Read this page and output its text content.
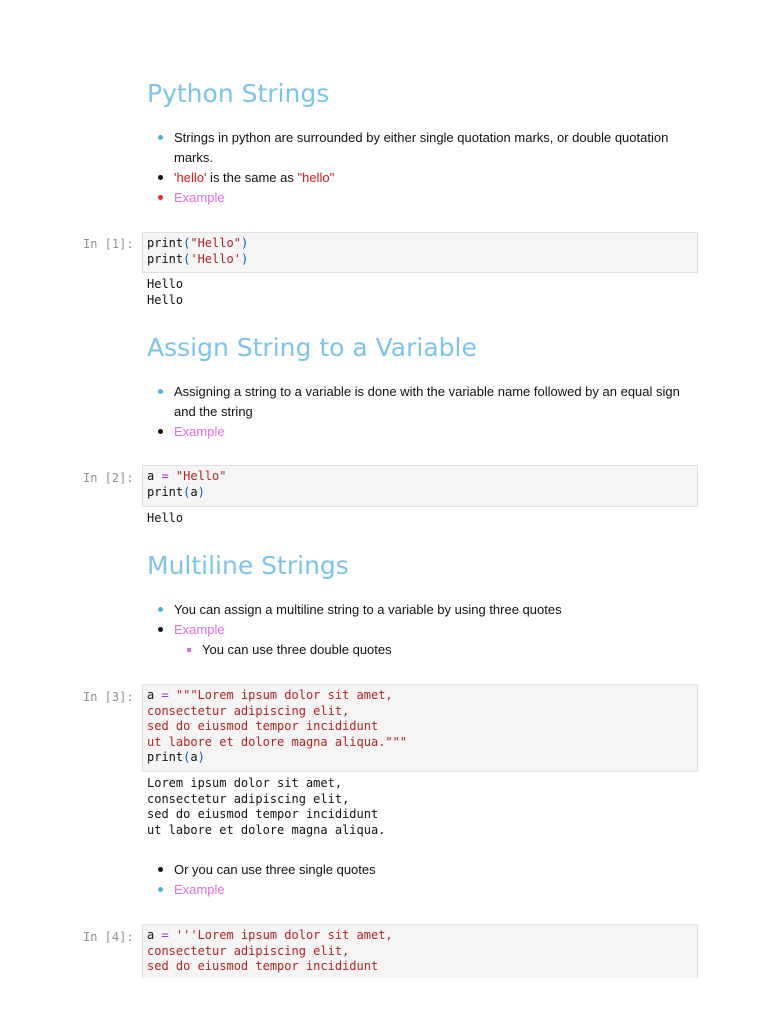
Python Strings
Strings in python are surrounded by either single quotation marks, or double quotation marks.
'hello' is the same as "hello"
Example
In [1]: print("Hello")
print('Hello')
Hello
Hello
Assign String to a Variable
Assigning a string to a variable is done with the variable name followed by an equal sign and the string
Example
In [2]: a = "Hello"
print(a)
Hello
Multiline Strings
You can assign a multiline string to a variable by using three quotes
Example
You can use three double quotes
In [3]: a = """Lorem ipsum dolor sit amet,
consectetur adipiscing elit,
sed do eiusmod tempor incididunt
ut labore et dolore magna aliqua."""
print(a)
Lorem ipsum dolor sit amet,
consectetur adipiscing elit,
sed do eiusmod tempor incididunt
ut labore et dolore magna aliqua.
Or you can use three single quotes
Example
In [4]: a = '''Lorem ipsum dolor sit amet,
consectetur adipiscing elit,
sed do eiusmod tempor incididunt
